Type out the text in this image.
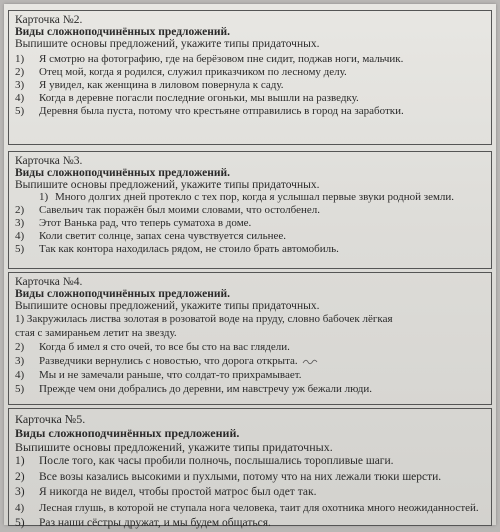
Карточка №2.
Виды сложноподчинённых предложений.
Выпишите основы предложений, укажите типы придаточных.
1) Я смотрю на фотографию, где на берёзовом пне сидит, поджав ноги, мальчик.
2) Отец мой, когда я родился, служил приказчиком по лесному делу.
3) Я увидел, как женщина в лиловом повернула к саду.
4) Когда в деревне погасли последние огоньки, мы вышли на разведку.
5) Деревня была пуста, потому что крестьяне отправились в город на заработки.
Карточка №3.
Виды сложноподчинённых предложений.
Выпишите основы предложений, укажите типы придаточных.
1) Много долгих дней протекло с тех пор, когда я услышал первые звуки родной земли.
2) Савельич так поражён был моими словами, что остолбенел.
3) Этот Ванька рад, что теперь суматоха в доме.
4) Коли светит солнце, запах сена чувствуется сильнее.
5) Так как контора находилась рядом, не стоило брать автомобиль.
Карточка №4.
Виды сложноподчинённых предложений.
Выпишите основы предложений, укажите типы придаточных.
1) Закружилась листва золотая в розоватой воде на пруду, словно бабочек лёгкая стая с замираньем летит на звезду.
2) Когда б имел я сто очей, то все бы сто на вас глядели.
3) Разведчики вернулись с новостью, что дорога открыта.
4) Мы и не замечали раньше, что солдат-то прихрамывает.
5) Прежде чем они добрались до деревни, им навстречу уж бежали люди.
Карточка №5.
Виды сложноподчинённых предложений.
Выпишите основы предложений, укажите типы придаточных.
1) После того, как часы пробили полночь, послышались торопливые шаги.
2) Все возы казались высокими и пухлыми, потому что на них лежали тюки шерсти.
3) Я никогда не видел, чтобы простой матрос был одет так.
4) Лесная глушь, в которой не ступала нога человека, таит для охотника много неожиданностей.
5) Раз наши сёстры дружат, и мы будем общаться.
